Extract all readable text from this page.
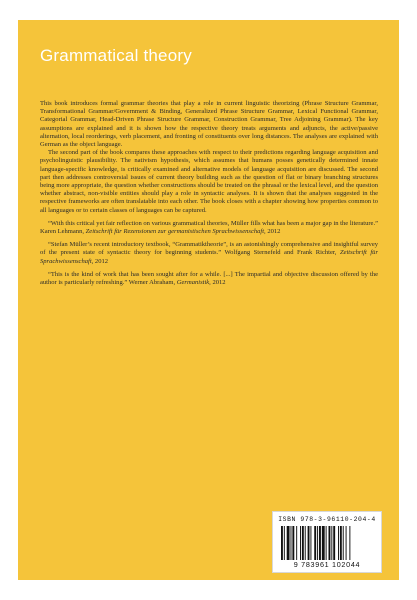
Grammatical theory

This book introduces formal grammar theories that play a role in current linguistic theorizing (Phrase Structure Grammar, Transformational Grammar/Government & Binding, Generalized Phrase Structure Grammar, Lexical Functional Grammar, Categorial Grammar, Head-Driven Phrase Structure Grammar, Construction Grammar, Tree Adjoining Grammar). The key assumptions are explained and it is shown how the respective theory treats arguments and adjuncts, the active/passive alternation, local reorderings, verb placement, and fronting of constituents over long distances. The analyses are explained with German as the object language.

The second part of the book compares these approaches with respect to their predictions regarding language acquisition and psycholinguistic plausibility. The nativism hypothesis, which assumes that humans posses genetically determined innate language-specific knowledge, is critically examined and alternative models of language acquisition are discussed. The second part then addresses controversial issues of current theory building such as the question of flat or binary branching structures being more appropriate, the question whether constructions should be treated on the phrasal or the lexical level, and the question whether abstract, non-visible entities should play a role in syntactic analyses. It is shown that the analyses suggested in the respective frameworks are often translatable into each other. The book closes with a chapter showing how properties common to all languages or to certain classes of languages can be captured.

“With this critical yet fair reflection on various grammatical theories, Müller fills what has been a major gap in the literature.” Karen Lehmann, Zeitschrift für Rezensionen zur germanistischen Sprachwissenschaft, 2012

“Stefan Müller’s recent introductory textbook, “Grammatiktheorie”, is an astonishingly comprehensive and insightful survey of the present state of syntactic theory for beginning students.” Wolfgang Sternefeld and Frank Richter, Zeitschrift für Sprachwissenschaft, 2012

“This is the kind of work that has been sought after for a while. [...] The impartial and objective discussion offered by the author is particularly refreshing.” Werner Abraham, Germanistik, 2012

ISBN 978-3-96110-204-4
9 783961 102044
